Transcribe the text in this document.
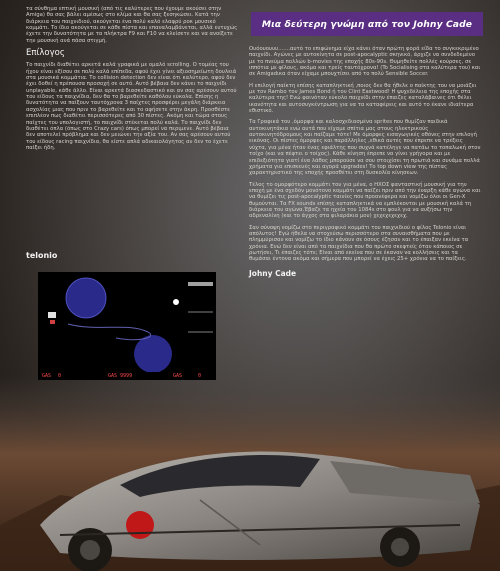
τα σύνθημα επτική μουσική (από τις καλύτερες που έχουμε ακούσει στην Amiga) θα σας βάλει αμέσως στο κλίμα και θα σας ξεσηκώσει. Κατά την διάρκεια του παιχνιδιού, ακούγεται ένα πολύ καλό ελαφρύ ροκ μουσικό κομμάτι. Το ίδιο ακούγεται σε κάθε πίστα και επαναλαμβάνεται, αλλά ευτυχώς έχετε την δυνατότητα με τα πλήκτρα F9 και F10 να κλείσετε και να ανοίξετε την μουσική ανά πάσα στιγμή.

Επίλογος

Το παιχνίδι διαθέτει αρκετά καλά γραφικά με ομαλό scrolling. Ο τομέας του ήχου είναι εξίσου σε πολύ καλά επίπεδα, αφού έχει γίνει αξιοσημείωτη δουλειά στα μουσικά κομμάτια. Το collision detection δεν είναι ότι καλύτερο, αφού δεν έχει δοθεί η πρέπουσα προσοχή σε αυτό. Αυτό βέβαια δεν κάνει το παιχνίδι unplayable, κάθε άλλο. Είναι αρκετά διασκεδαστικό και αν σας αρέσουν αυτού του είδους τα παιχνίδια, δεν θα το βαρεθείτε καθόλου εύκολα. Επίσης η δυνατότητα να παίξουν ταυτόχρονα 3 παίχτες προσφέρει μεγάλη διάρκεια ασχολίας μιας που πριν το βαρεθείτε και το αφήσετε στην άκρη. Προσθέστε επιπλέον πως διαθέτει περισσότερες από 30 πίστες. Ακόμη και τώρα στους παίχτες του υπολογιστή, το παιχνίδι στέκεται πολύ καλά. Το παιχνίδι δεν διαθέτει όπλα (όπως στο Crazy cars) όπως μπορεί να περιμενε. Αυτό βέβαια δεν αποτελεί πρόβλημα και δεν μειώνει την αξία του. Αν σας αρέσουν αυτού του είδους racing παιχνίδια, θα είστε απλά αδικαιολόγητος αν δεν το έχετε παίξει ήδη.

telonio
GAS 0	GAS 9999	GAS	0
Μια δεύτερη γνώμη από τον Johny Cade

Ουόουουυυ.......αυτό το επιφώνημα είχα κάνει όταν πρώτη φορά είδα το συγκεκριμένο παιχνίδι. Αγώνες με αυτοκίνητα σε post-apocalyptic σκηνικό, άρχιζε να συνδεδεμένο με το πνεύμα πολλών b-movies της εποχής 80s-90s. Θυμηθείτε πολλές κούρσες, σε ιππότια με φίλους, ακόμα και τρείς ταυτόχρονα! (To Socialising στα καλύτερα του) και σε Amigadικα όταν είχαμε μπουχτίσει από το πολύ Sensible Soccer.

Η επιλογή παίκτη επίσης καταπληκτική ,ποιος δεν θα ήθελε ο παίκτης του να μοιάζει με τον Rambo τον James Bond ή τον Clint Eastwood! Η ψυχεδέλεια της εποχής στα καλύτερα της! Ενώ φαινόταν εύκολο παιχνίδι στην έπαιζες καταλάβαινες ότι θέλει ικανότητα και αυτοσυγκέντρωση για να τα καταφέρεις και αυτό το έκανε ιδιαίτερα εθιστικό.

Τα Γραφικά του ,όμορφα και καλοσχεδιασμένα sprites που θυμίζαν παιδικά αυτοκινητάκια ενώ αυτά που είχαμε σπίτια μας στους ηλεκτρικούς αυτοκινητόδρομους και παίζαμε τότε! Με όμορφες εισαγωγικές οθόνες στην επιλογή εικόνας. Οι πίστες όμορφες και παράλληλες ,εθικά αυτές που έπρεπε να τρέξεις νύχτα, για μένα ήταν ένας εφιάλτης που συχνά κατέληγε να πατάω το τοπαλωκή στον τοίχο (και να πέφτει ο τοίχος). Κάθε κίνηση έπρεπε να γίνει γρήγορα και με επιδεξιότητα γιατί ένα λάθος μπορούσε να σου στοιχίσει τη πρωτιά και συνάμα πολλά χρήματα για επισκευές και αγορά upgrades! Το top down view της πίστας χαρακτηριστικό της εποχής προσθέτει στη δυσκολία κίνησεων.

Τέλος το ομορφότερο κομμάτι του για μένα, ο ΗΧΟΣ φανταστική μουσική για την εποχή με ένα σχεδόν μονότονο κομμάτι να παίζει πριν από την έναρξη κάθε αγώνα και να θυμίζει τις post-apocalyptic ταινίες που προανέφερα και νομίζω όλοι οι Gen-X θυμούνται. Τα FX sounds επίσης καταπληκτικά να εμπλέκονται με μουσική καλά τη διάρκεια του αγώνα.Έβαζε τα ηχεία του 1084s στο φουλ για να αυξήσω την αδρεναλίνη (και το άγχος στα φιλαράκια μου) χεχεχεχεχεχ.

Σαν σύνοψη νομίζω στο περιγραφικό κομμάτι του παιχνιδιού ο φίλος Telonio είναι απόλυτος! Εγώ ήθελα να στοχεύσω περισσότερο στα συναισθήματα που με πλημμύρισαν και νομίζω το ίδιο κάνουν σε όσους έζησαν και το έπαιξαν εκείνα τα χρόνια. Ενώ δεν είναι από τα παιχνίδια που θα πρώτο σκεφτείς όταν κάποιος σε ρωτήσει, Τι έπαιζες τότε; Είναι από εκείνα που σε έκαναν να κολλήσεις και τα θυμάσαι έντονα ακόμα και σήμερα που μπορεί να έχεις 25+ χρόνια να το παίξεις.

Johny Cade
